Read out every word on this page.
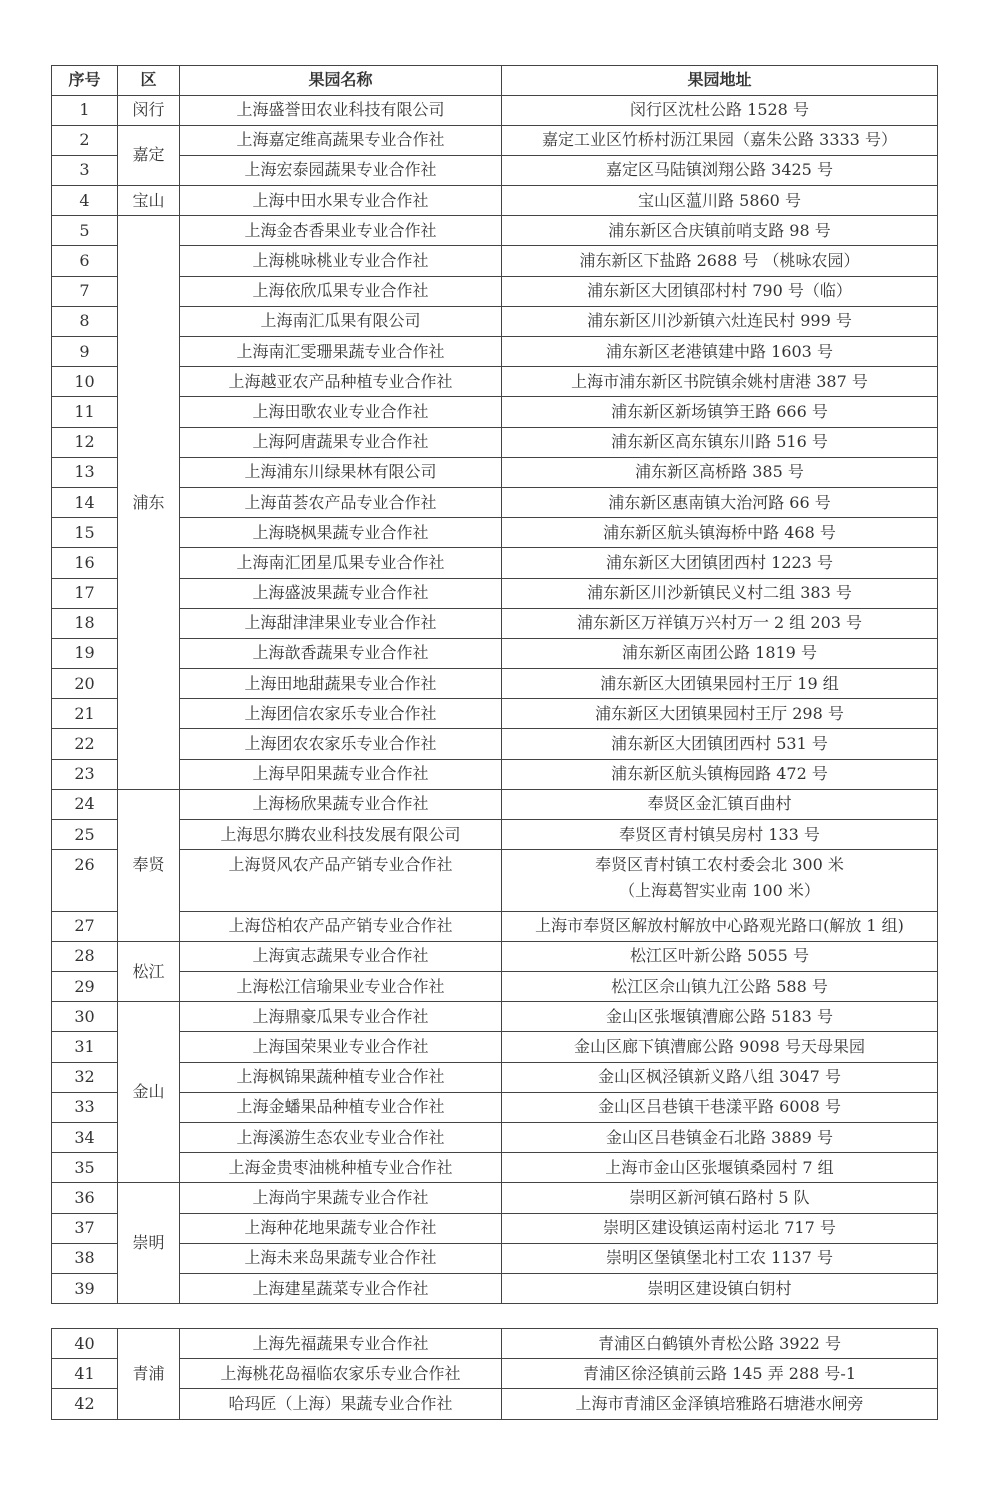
序号	区	果园名称	果园地址
1	闵行	上海盛誉田农业科技有限公司	闵行区沈杜公路 1528 号
2	嘉定	上海嘉定维高蔬果专业合作社	嘉定工业区竹桥村沥江果园（嘉朱公路 3333 号）
3		上海宏泰园蔬果专业合作社	嘉定区马陆镇浏翔公路 3425 号
4	宝山	上海中田水果专业合作社	宝山区蕰川路 5860 号
5	浦东	上海金杏香果业专业合作社	浦东新区合庆镇前哨支路 98 号
6		上海桃咏桃业专业合作社	浦东新区下盐路 2688 号 （桃咏农园）
7		上海依欣瓜果专业合作社	浦东新区大团镇邵村村 790 号（临）
8		上海南汇瓜果有限公司	浦东新区川沙新镇六灶连民村 999 号
9		上海南汇雯珊果蔬专业合作社	浦东新区老港镇建中路 1603 号
10		上海越亚农产品种植专业合作社	上海市浦东新区书院镇余姚村唐港 387 号
11		上海田歌农业专业合作社	浦东新区新场镇笋王路 666 号
12		上海阿唐蔬果专业合作社	浦东新区高东镇东川路 516 号
13		上海浦东川绿果林有限公司	浦东新区高桥路 385 号
14		上海苗荟农产品专业合作社	浦东新区惠南镇大治河路 66 号
15		上海晓枫果蔬专业合作社	浦东新区航头镇海桥中路 468 号
16		上海南汇团星瓜果专业合作社	浦东新区大团镇团西村 1223 号
17		上海盛波果蔬专业合作社	浦东新区川沙新镇民义村二组 383 号
18		上海甜津津果业专业合作社	浦东新区万祥镇万兴村万一 2 组 203 号
19		上海歆香蔬果专业合作社	浦东新区南团公路 1819 号
20		上海田地甜蔬果专业合作社	浦东新区大团镇果园村王厅 19 组
21		上海团信农家乐专业合作社	浦东新区大团镇果园村王厅 298 号
22		上海团农农家乐专业合作社	浦东新区大团镇团西村 531 号
23		上海早阳果蔬专业合作社	浦东新区航头镇梅园路 472 号
24	奉贤	上海杨欣果蔬专业合作社	奉贤区金汇镇百曲村
25		上海思尔腾农业科技发展有限公司	奉贤区青村镇吴房村 133 号
26		上海贤风农产品产销专业合作社	奉贤区青村镇工农村委会北 300 米
（上海葛智实业南 100 米）

27		上海岱柏农产品产销专业合作社	上海市奉贤区解放村解放中心路观光路口(解放 1 组)
28	松江	上海寅志蔬果专业合作社	松江区叶新公路 5055 号
29		上海松江信瑜果业专业合作社	松江区佘山镇九江公路 588 号
30	金山	上海鼎豪瓜果专业合作社	金山区张堰镇漕廊公路 5183 号
31		上海国荣果业专业合作社	金山区廊下镇漕廊公路 9098 号天母果园
32		上海枫锦果蔬种植专业合作社	金山区枫泾镇新义路八组 3047 号
33		上海金蟠果品种植专业合作社	金山区吕巷镇干巷漾平路 6008 号
34		上海溪游生态农业专业合作社	金山区吕巷镇金石北路 3889 号
35		上海金贵枣油桃种植专业合作社	上海市金山区张堰镇桑园村 7 组
36	崇明	上海尚宇果蔬专业合作社	崇明区新河镇石路村 5 队
37		上海种花地果蔬专业合作社	崇明区建设镇运南村运北 717 号
38		上海未来岛果蔬专业合作社	崇明区堡镇堡北村工农 1137 号
39		上海建星蔬菜专业合作社	崇明区建设镇白钥村
40	青浦	上海先福蔬果专业合作社	青浦区白鹤镇外青松公路 3922 号
41		上海桃花岛福临农家乐专业合作社	青浦区徐泾镇前云路 145 弄 288 号-1
42		哈玛匠（上海）果蔬专业合作社	上海市青浦区金泽镇培雅路石塘港水闸旁
